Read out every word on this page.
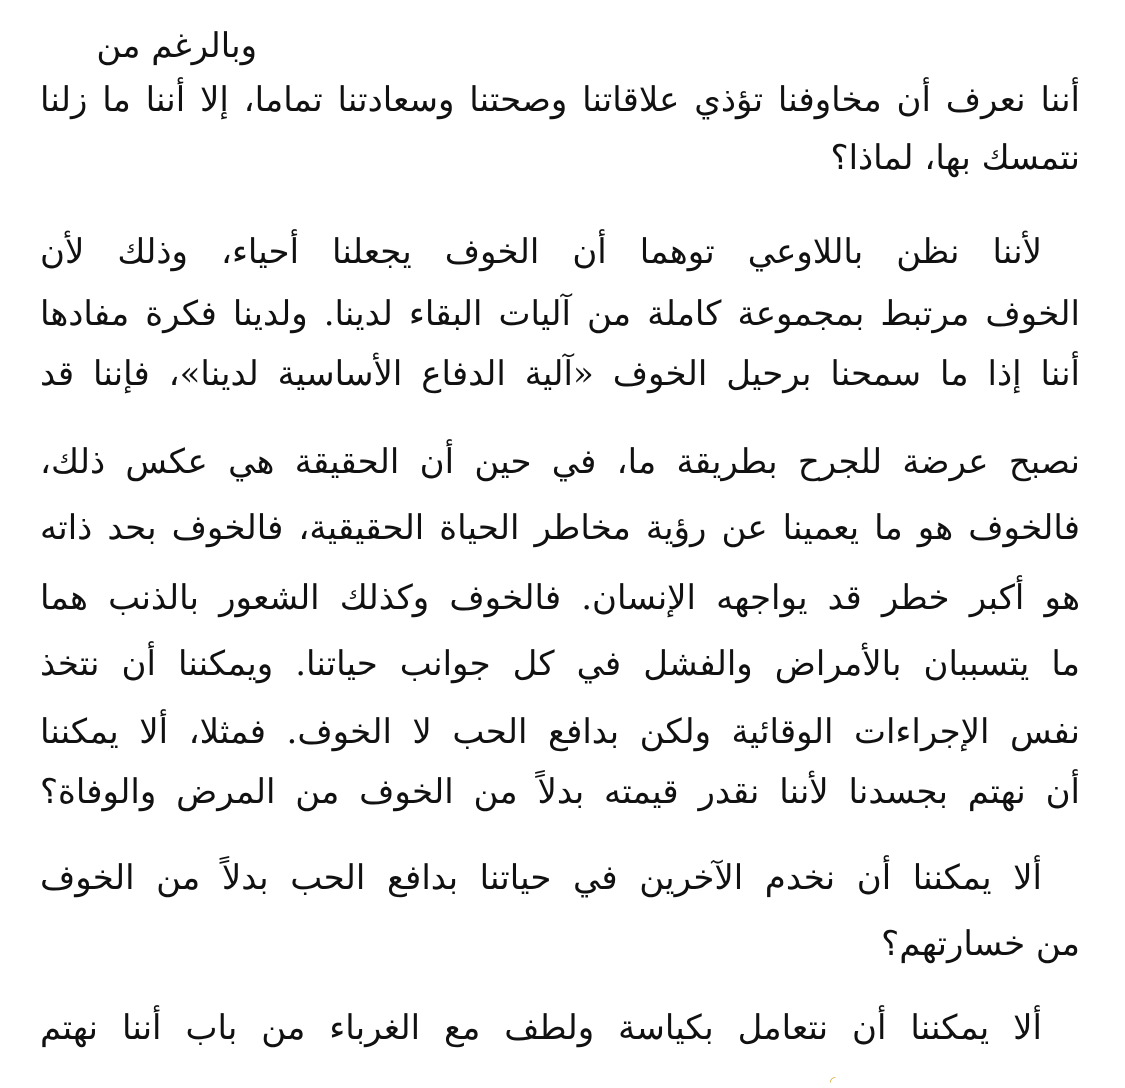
وبالرغم من
أننا نعرف أن مخاوفنا تؤذي علاقاتنا وصحتنا وسعادتنا تماما، إلا أننا ما زلنا
نتمسك بها، لماذا؟
لأننا نظن باللاوعي توهما أن الخوف يجعلنا أحياء، وذلك لأن
الخوف مرتبط بمجموعة كاملة من آليات البقاء لدينا. ولدينا فكرة مفادها
أننا إذا ما سمحنا برحيل الخوف «آلية الدفاع الأساسية لدينا»، فإننا قد
نصبح عرضة للجرح بطريقة ما، في حين أن الحقيقة هي عكس ذلك،
فالخوف هو ما يعمينا عن رؤية مخاطر الحياة الحقيقية، فالخوف بحد ذاته
هو أكبر خطر قد يواجهه الإنسان. فالخوف وكذلك الشعور بالذنب هما
ما يتسببان بالأمراض والفشل في كل جوانب حياتنا. ويمكننا أن نتخذ
نفس الإجراءات الوقائية ولكن بدافع الحب لا الخوف. فمثلا، ألا يمكننا
أن نهتم بجسدنا لأننا نقدر قيمته بدلاً من الخوف من المرض والوفاة؟
ألا يمكننا أن نخدم الآخرين في حياتنا بدافع الحب بدلاً من الخوف
من خسارتهم؟
ألا يمكننا أن نتعامل بكياسة ولطف مع الغرباء من باب أننا نهتم
◜
